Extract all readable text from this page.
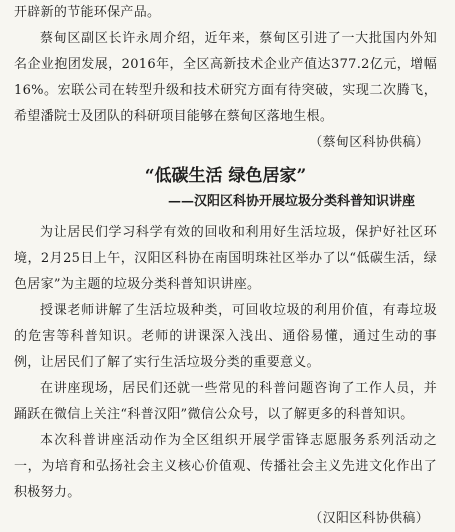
开辟新的节能环保产品。

蔡甸区副区长许永周介绍，近年来，蔡甸区引进了一大批国内外知名企业抱团发展，2016年，全区高新技术企业产值达377.2亿元，增幅16%。宏联公司在转型升级和技术研究方面有待突破，实现二次腾飞，希望潘院士及团队的科研项目能够在蔡甸区落地生根。

（蔡甸区科协供稿）

“低碳生活 绿色居家”
——汉阳区科协开展垃圾分类科普知识讲座

为让居民们学习科学有效的回收和利用好生活垃圾，保护好社区环境，2月25日上午，汉阳区科协在南国明珠社区举办了以“低碳生活，绿色居家”为主题的垃圾分类科普知识讲座。

授课老师讲解了生活垃圾种类，可回收垃圾的利用价值，有毒垃圾的危害等科普知识。老师的讲课深入浅出、通俗易懂，通过生动的事例，让居民们了解了实行生活垃圾分类的重要意义。

在讲座现场，居民们还就一些常见的科普问题咨询了工作人员，并踊跃在微信上关注“科普汉阳”微信公众号，以了解更多的科普知识。

本次科普讲座活动作为全区组织开展学雷锋志愿服务系列活动之一，为培育和弘扬社会主义核心价值观、传播社会主义先进文化作出了积极努力。

（汉阳区科协供稿）
